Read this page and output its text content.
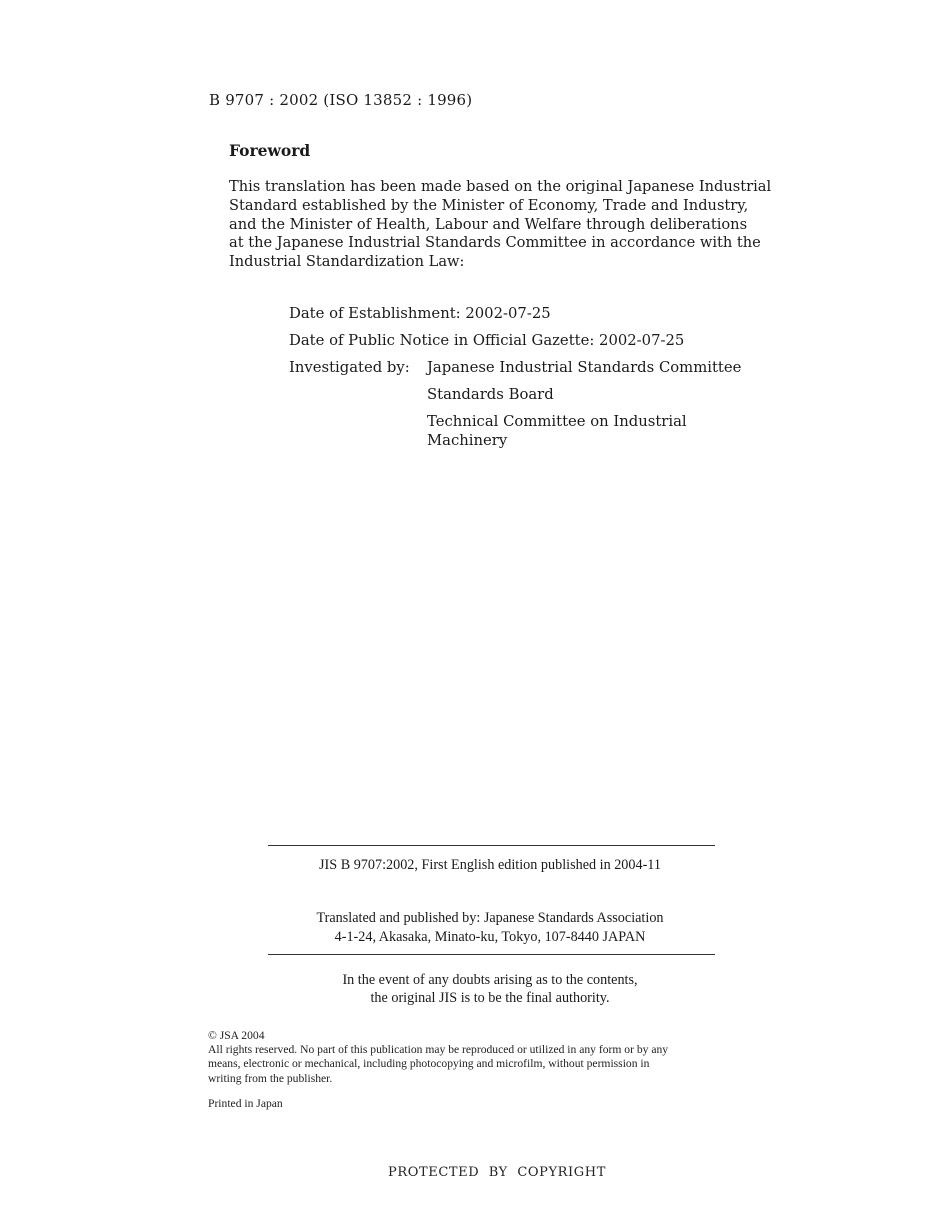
B 9707 : 2002 (ISO 13852 : 1996)
Foreword
This translation has been made based on the original Japanese Industrial
Standard established by the Minister of Economy, Trade and Industry,
and the Minister of Health, Labour and Welfare through deliberations
at the Japanese Industrial Standards Committee in accordance with the
Industrial Standardization Law:
Date of Establishment: 2002-07-25
Date of Public Notice in Official Gazette: 2002-07-25
Investigated by: Japanese Industrial Standards Committee
Standards Board
Technical Committee on Industrial
Machinery
JIS B 9707:2002, First English edition published in 2004-11
Translated and published by: Japanese Standards Association
4-1-24, Akasaka, Minato-ku, Tokyo, 107-8440 JAPAN
In the event of any doubts arising as to the contents,
the original JIS is to be the final authority.
© JSA 2004
All rights reserved. No part of this publication may be reproduced or utilized in any form or by any
means, electronic or mechanical, including photocopying and microfilm, without permission in
writing from the publisher.
Printed in Japan
PROTECTED  BY  COPYRIGHT
